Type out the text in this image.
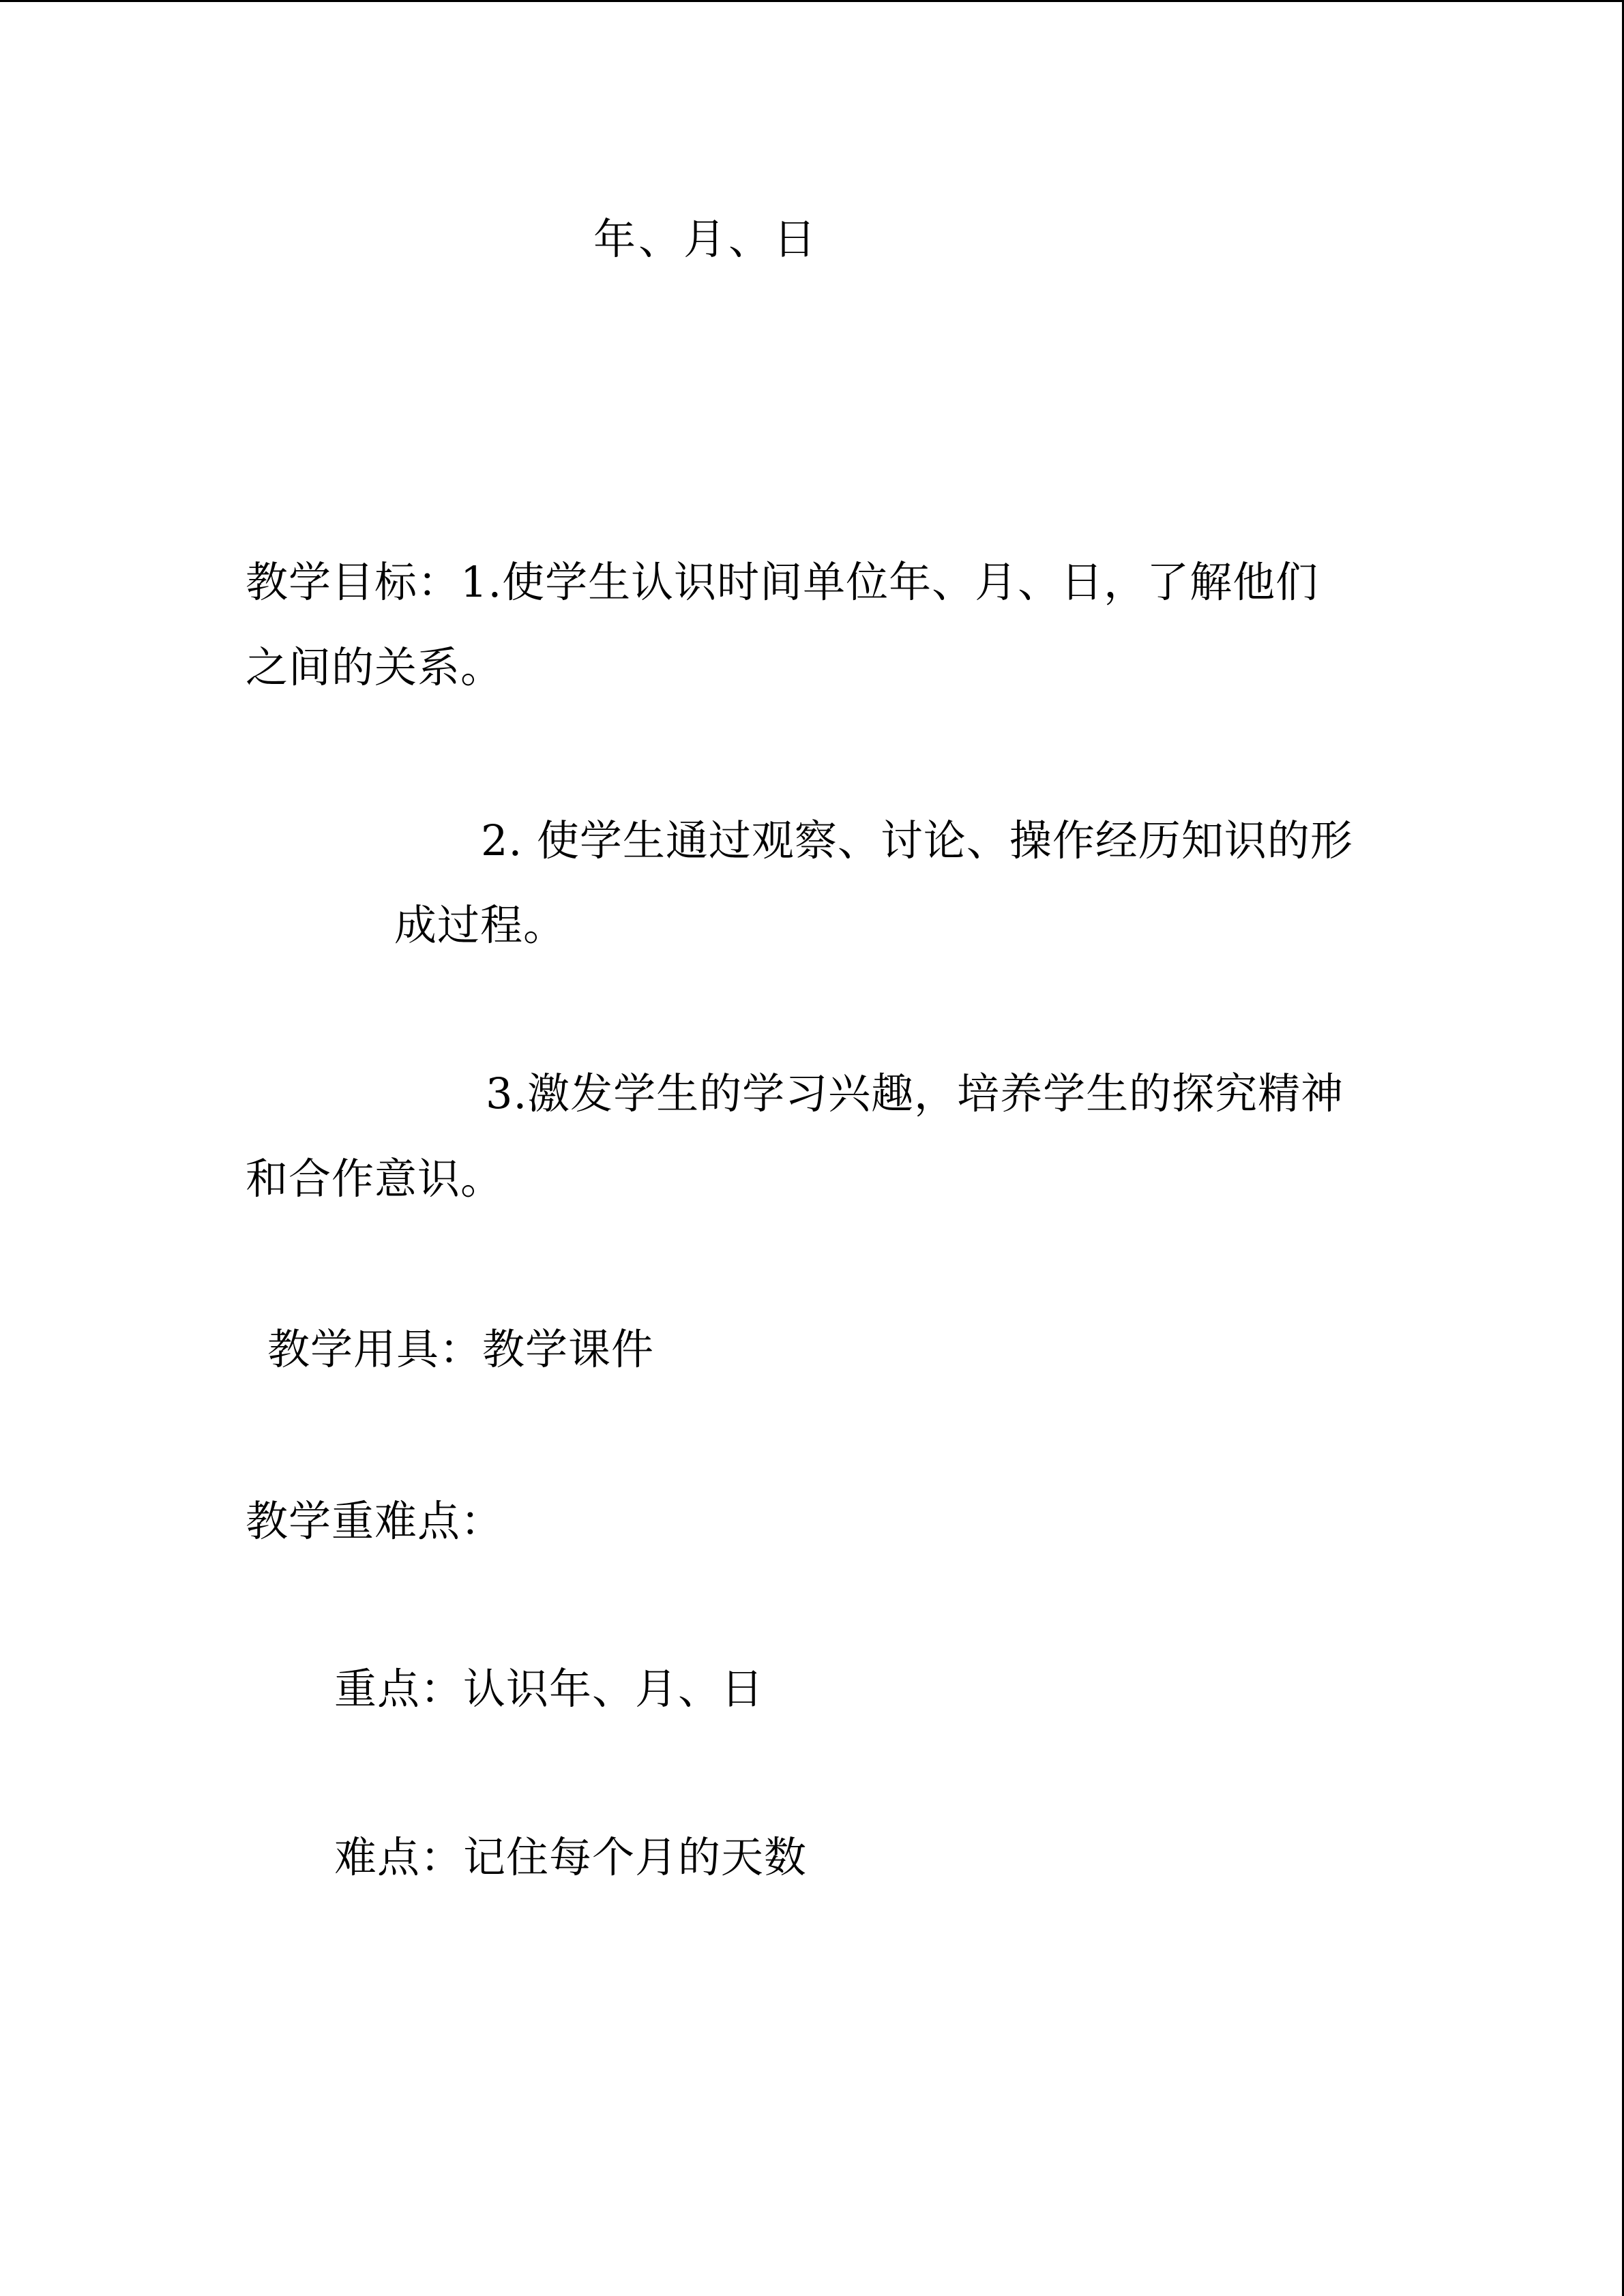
年、月、日

教学目标：1.使学生认识时间单位年、月、日，了解他们

之间的关系。

2. 使学生通过观察、讨论、操作经历知识的形

成过程。

3.激发学生的学习兴趣，培养学生的探究精神

和合作意识。

教学用具：教学课件

教学重难点：

重点：认识年、月、日

难点：记住每个月的天数
